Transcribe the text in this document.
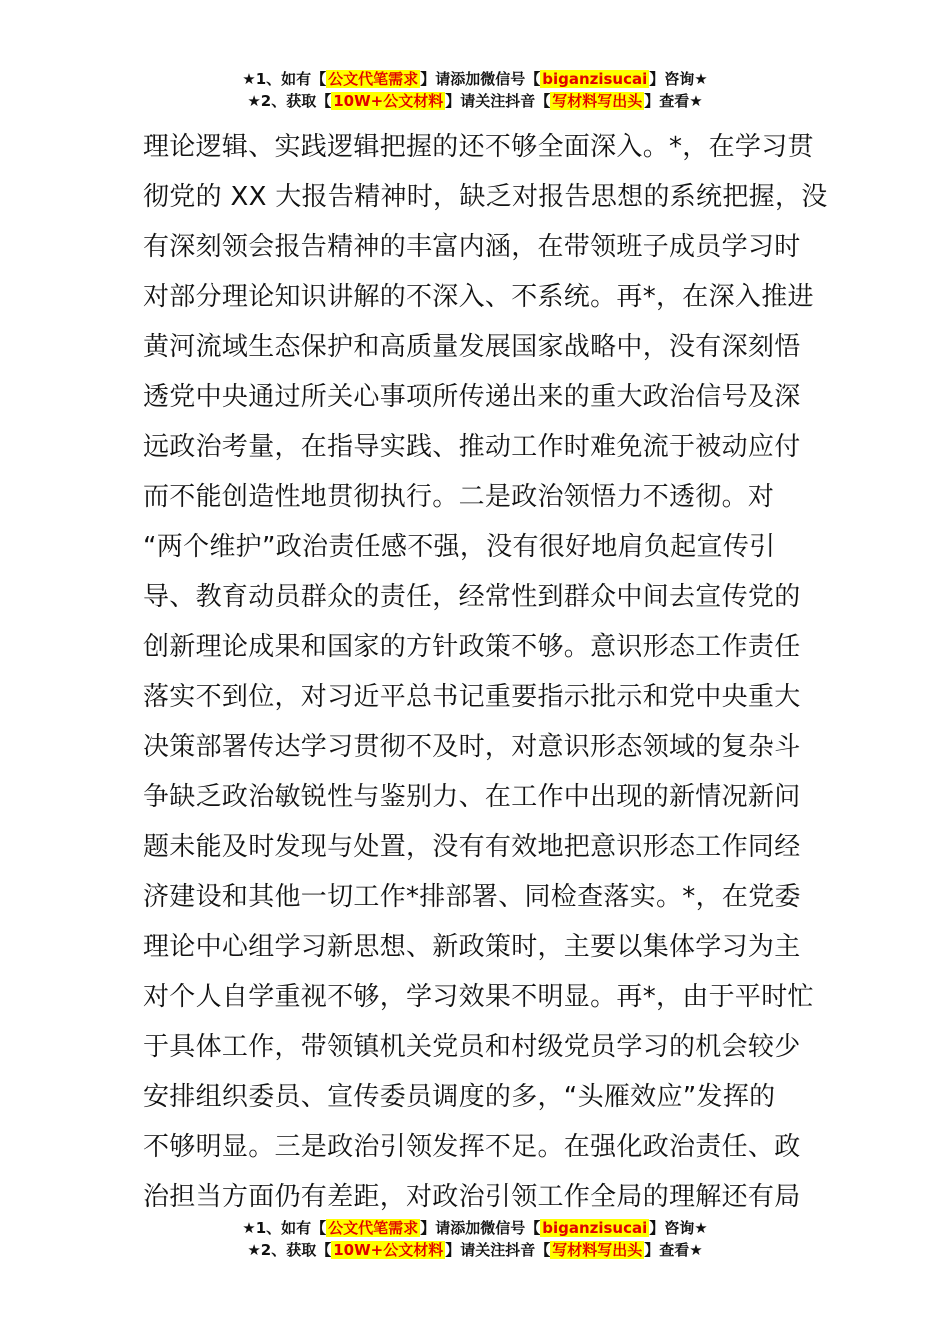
★1、如有【 公文代笔需求 】请添加微信号【 biganzisucai 】咨询★
★2、获取【 10W+公文材料 】请关注抖音【 写材料写出头 】查看★
理论逻辑、实践逻辑把握的还不够全面深入。*，在学习贯
彻党的 XX 大报告精神时，缺乏对报告思想的系统把握，没
有深刻领会报告精神的丰富内涵，在带领班子成员学习时
对部分理论知识讲解的不深入、不系统。再*，在深入推进
黄河流域生态保护和高质量发展国家战略中，没有深刻悟
透党中央通过所关心事项所传递出来的重大政治信号及深
远政治考量，在指导实践、推动工作时难免流于被动应付
而不能创造性地贯彻执行。二是政治领悟力不透彻。对
“两个维护”政治责任感不强，没有很好地肩负起宣传引
导、教育动员群众的责任，经常性到群众中间去宣传党的
创新理论成果和国家的方针政策不够。意识形态工作责任
落实不到位，对习近平总书记重要指示批示和党中央重大
决策部署传达学习贯彻不及时，对意识形态领域的复杂斗
争缺乏政治敏锐性与鉴别力、在工作中出现的新情况新问
题未能及时发现与处置，没有有效地把意识形态工作同经
济建设和其他一切工作*排部署、同检查落实。*，在党委
理论中心组学习新思想、新政策时，主要以集体学习为主
对个人自学重视不够，学习效果不明显。再*，由于平时忙
于具体工作，带领镇机关党员和村级党员学习的机会较少
安排组织委员、宣传委员调度的多，“头雁效应”发挥的
不够明显。三是政治引领发挥不足。在强化政治责任、政
治担当方面仍有差距，对政治引领工作全局的理解还有局
★1、如有【 公文代笔需求 】请添加微信号【 biganzisucai 】咨询★
★2、获取【 10W+公文材料 】请关注抖音【 写材料写出头 】查看★
